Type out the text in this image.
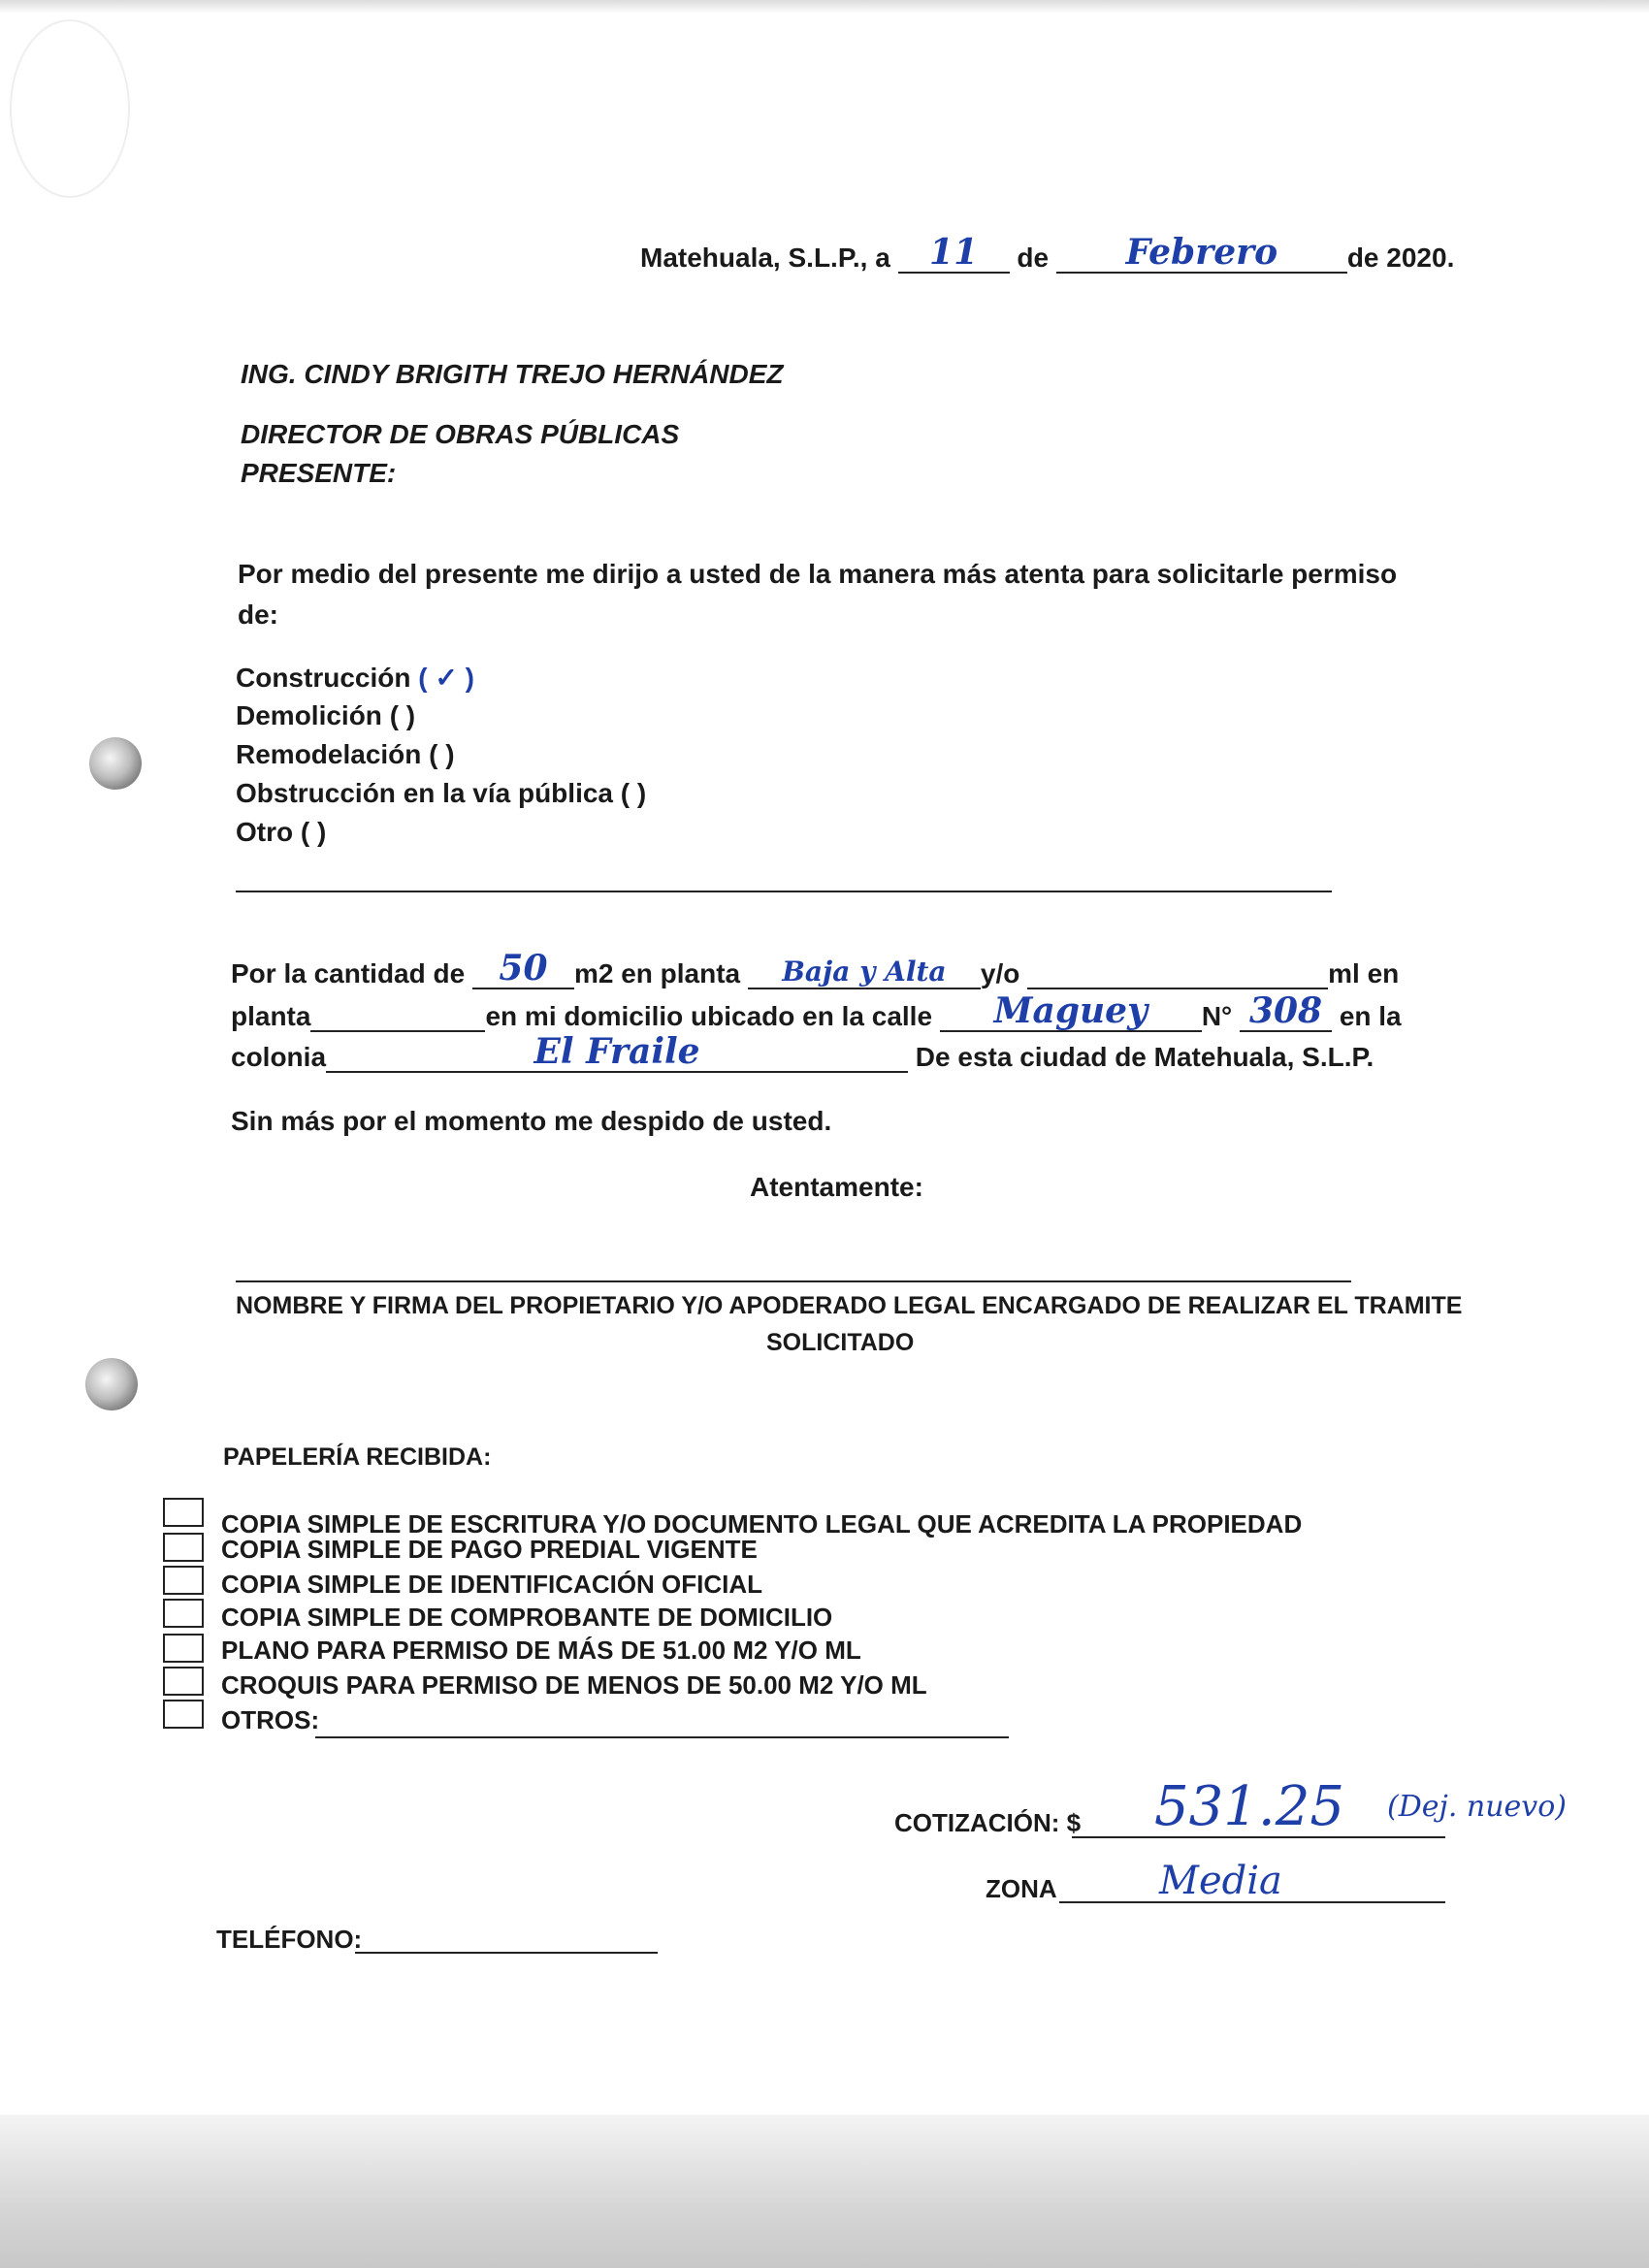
Matehuala, S.L.P., a	11	de	Febrero	de 2020.
ING. CINDY BRIGITH TREJO HERNÁNDEZ
DIRECTOR DE OBRAS PÚBLICAS
PRESENTE:
Por medio del presente me dirijo a usted de la manera más atenta para solicitarle permiso
de:
Construcción ( ✓ )
Demolición ( )
Remodelación ( )
Obstrucción en la vía pública ( )
Otro ( )
Por la cantidad de 50 m2 en planta	Baja y Alta	y/o	ml en
planta	en mi domicilio ubicado en la calle	Maguey	N° 308 en la
colonia	El Fraile	De esta ciudad de Matehuala, S.L.P.
Sin más por el momento me despido de usted.
Atentamente:
NOMBRE Y FIRMA DEL PROPIETARIO Y/O APODERADO LEGAL ENCARGADO DE REALIZAR EL TRAMITE
SOLICITADO
PAPELERÍA RECIBIDA:
COPIA SIMPLE DE ESCRITURA Y/O DOCUMENTO LEGAL QUE ACREDITA LA PROPIEDAD
COPIA SIMPLE DE PAGO PREDIAL VIGENTE
COPIA SIMPLE DE IDENTIFICACIÓN OFICIAL
COPIA SIMPLE DE COMPROBANTE DE DOMICILIO
PLANO PARA PERMISO DE MÁS DE 51.00 M2 Y/O ML
CROQUIS PARA PERMISO DE MENOS DE 50.00 M2 Y/O ML
OTROS:
COTIZACIÓN: $ 531.25 (Dej. nuevo)
ZONA	Media
TELÉFONO:
